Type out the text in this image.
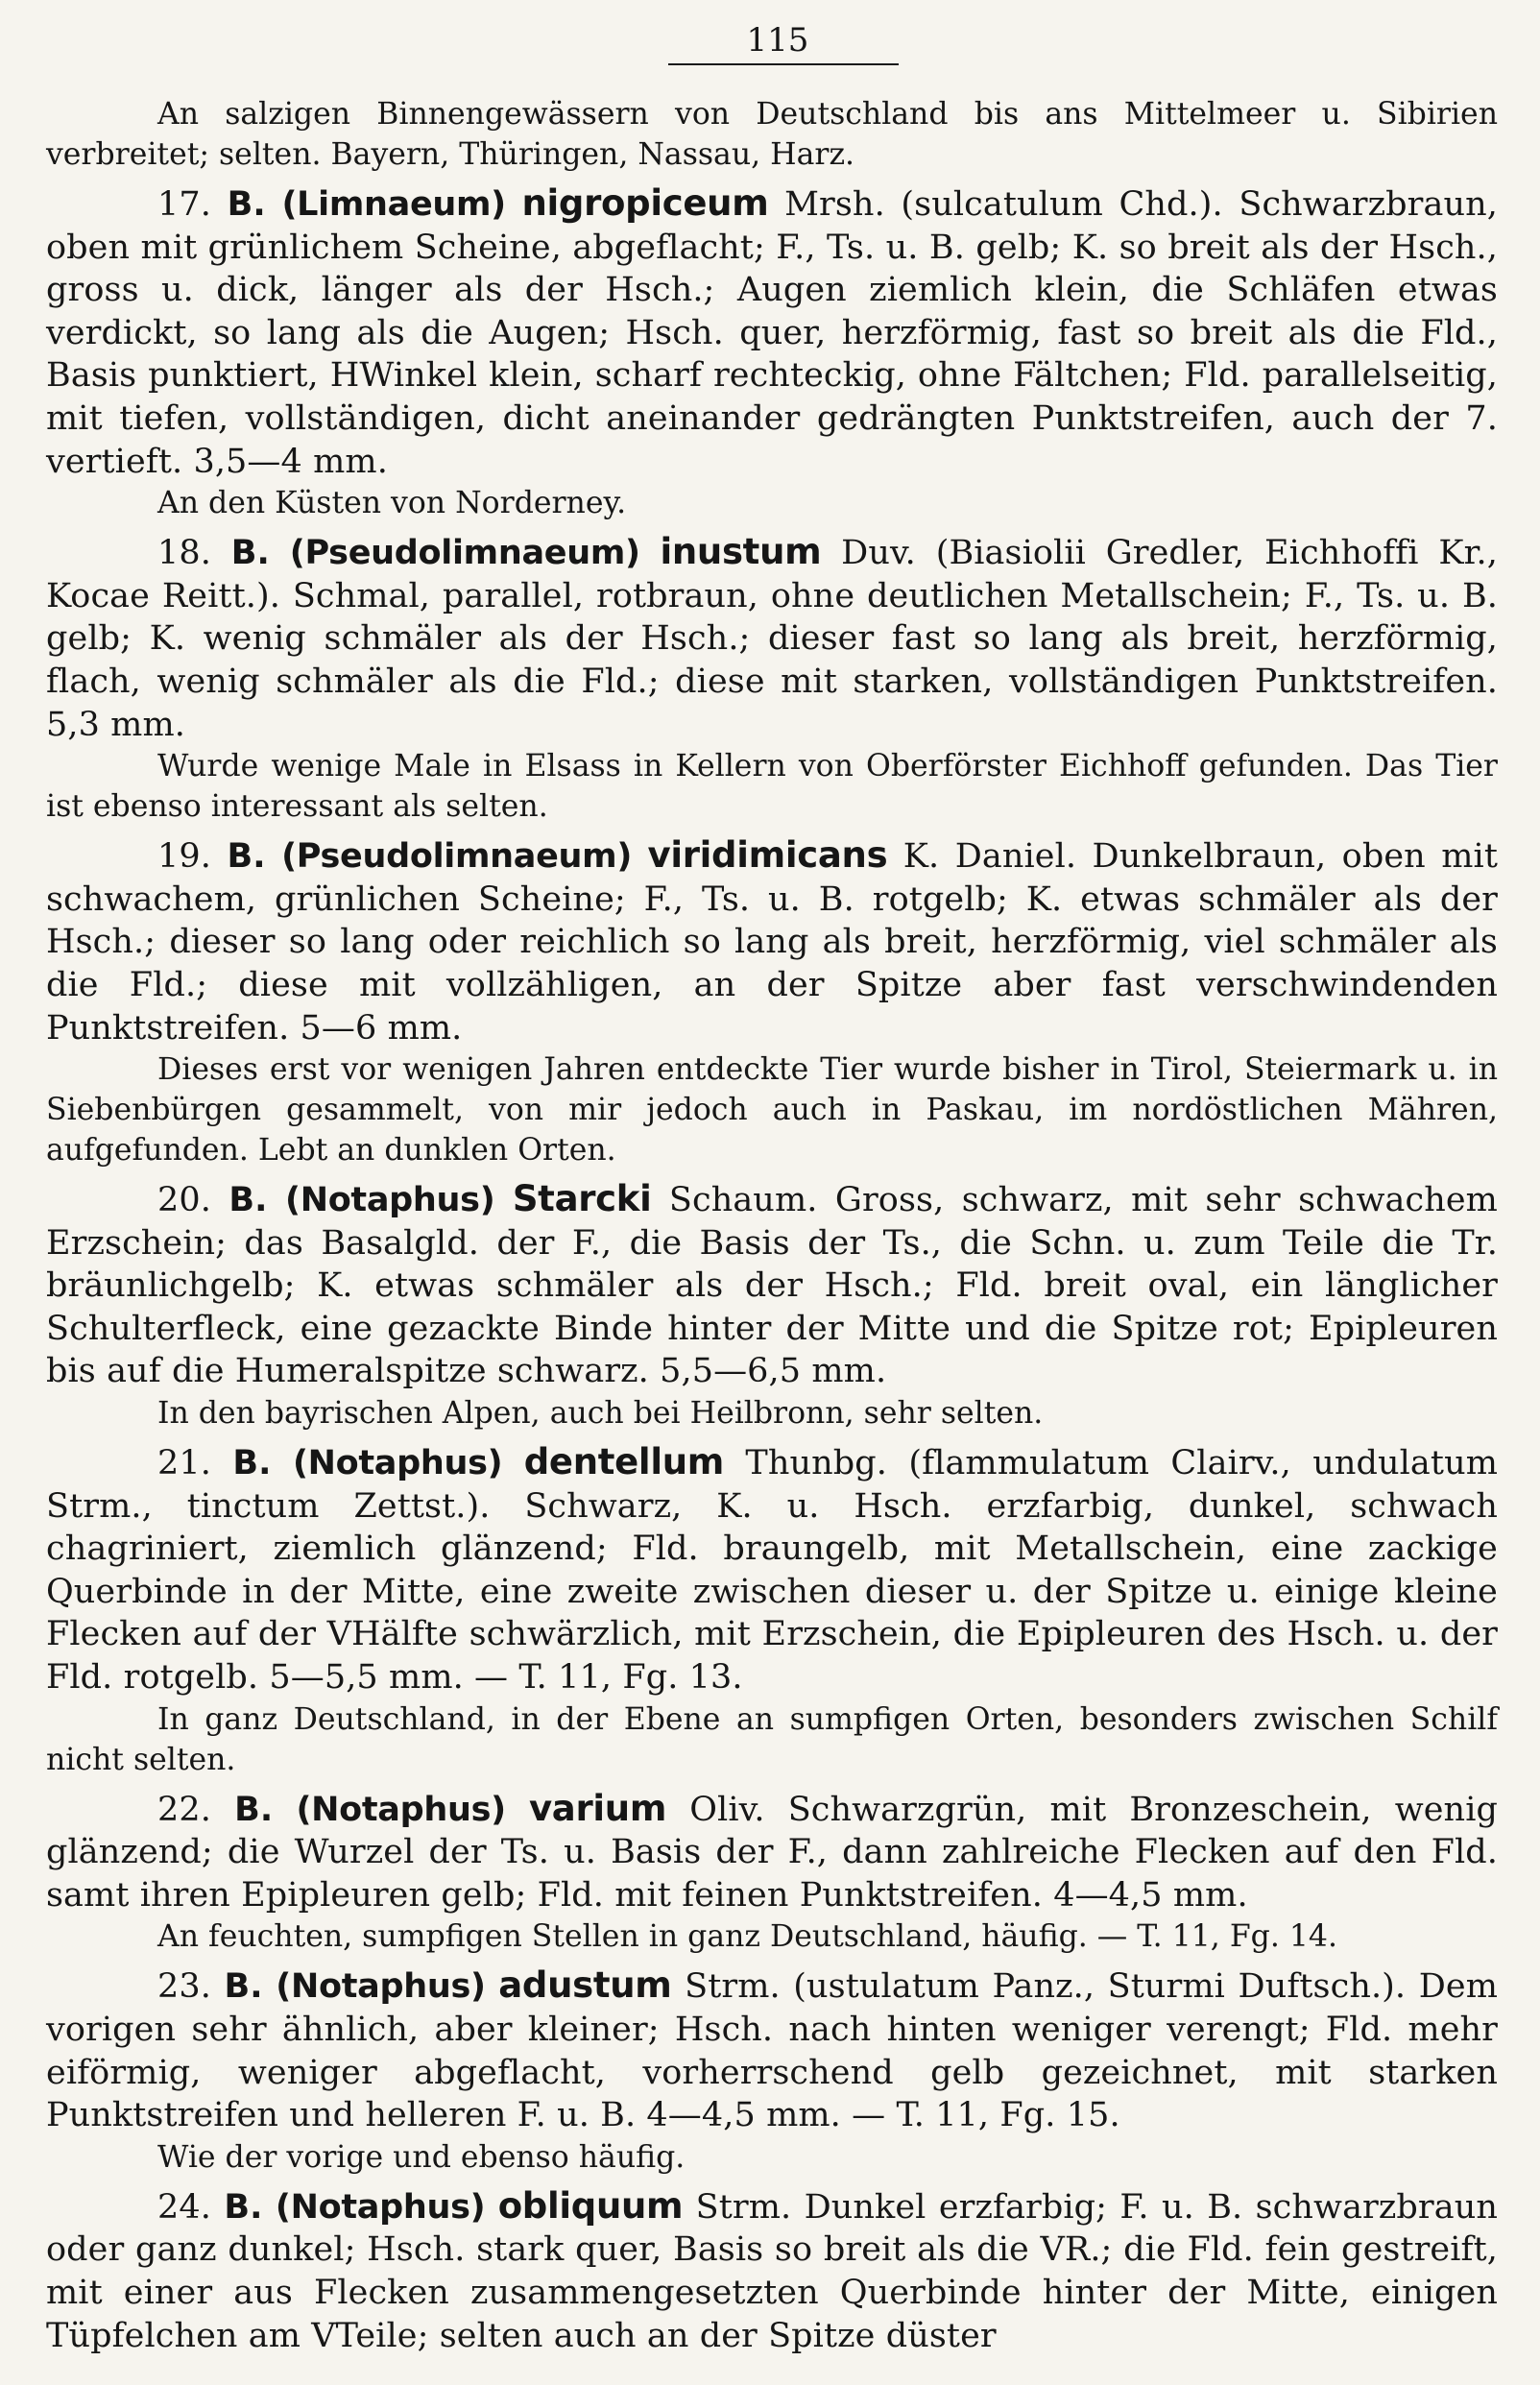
115

An salzigen Binnengewässern von Deutschland bis ans Mittelmeer u. Sibirien verbreitet; selten. Bayern, Thüringen, Nassau, Harz.

17. B. (Limnaeum) nigropiceum Mrsh. (sulcatulum Chd.). Schwarzbraun, oben mit grünlichem Scheine, abgeflacht; F., Ts. u. B. gelb; K. so breit als der Hsch., gross u. dick, länger als der Hsch.; Augen ziemlich klein, die Schläfen etwas verdickt, so lang als die Augen; Hsch. quer, herzförmig, fast so breit als die Fld., Basis punktiert, HWinkel klein, scharf rechteckig, ohne Fältchen; Fld. parallelseitig, mit tiefen, vollständigen, dicht aneinander gedrängten Punktstreifen, auch der 7. vertieft. 3,5—4 mm.

An den Küsten von Norderney.

18. B. (Pseudolimnaeum) inustum Duv. (Biasiolii Gredler, Eichhoffi Kr., Kocae Reitt.). Schmal, parallel, rotbraun, ohne deutlichen Metallschein; F., Ts. u. B. gelb; K. wenig schmäler als der Hsch.; dieser fast so lang als breit, herzförmig, flach, wenig schmäler als die Fld.; diese mit starken, vollständigen Punktstreifen. 5,3 mm.

Wurde wenige Male in Elsass in Kellern von Oberförster Eichhoff gefunden. Das Tier ist ebenso interessant als selten.

19. B. (Pseudolimnaeum) viridimicans K. Daniel. Dunkelbraun, oben mit schwachem, grünlichen Scheine; F., Ts. u. B. rotgelb; K. etwas schmäler als der Hsch.; dieser so lang oder reichlich so lang als breit, herzförmig, viel schmäler als die Fld.; diese mit vollzähligen, an der Spitze aber fast verschwindenden Punktstreifen. 5—6 mm.

Dieses erst vor wenigen Jahren entdeckte Tier wurde bisher in Tirol, Steiermark u. in Siebenbürgen gesammelt, von mir jedoch auch in Paskau, im nordöstlichen Mähren, aufgefunden. Lebt an dunklen Orten.

20. B. (Notaphus) Starcki Schaum. Gross, schwarz, mit sehr schwachem Erzschein; das Basalgld. der F., die Basis der Ts., die Schn. u. zum Teile die Tr. bräunlichgelb; K. etwas schmäler als der Hsch.; Fld. breit oval, ein länglicher Schulterfleck, eine gezackte Binde hinter der Mitte und die Spitze rot; Epipleuren bis auf die Humeralspitze schwarz. 5,5—6,5 mm.

In den bayrischen Alpen, auch bei Heilbronn, sehr selten.

21. B. (Notaphus) dentellum Thunbg. (flammulatum Clairv., undulatum Strm., tinctum Zettst.). Schwarz, K. u. Hsch. erzfarbig, dunkel, schwach chagriniert, ziemlich glänzend; Fld. braungelb, mit Metallschein, eine zackige Querbinde in der Mitte, eine zweite zwischen dieser u. der Spitze u. einige kleine Flecken auf der VHälfte schwärzlich, mit Erzschein, die Epipleuren des Hsch. u. der Fld. rotgelb. 5—5,5 mm. — T. 11, Fg. 13.

In ganz Deutschland, in der Ebene an sumpfigen Orten, besonders zwischen Schilf nicht selten.

22. B. (Notaphus) varium Oliv. Schwarzgrün, mit Bronzeschein, wenig glänzend; die Wurzel der Ts. u. Basis der F., dann zahlreiche Flecken auf den Fld. samt ihren Epipleuren gelb; Fld. mit feinen Punktstreifen. 4—4,5 mm.

An feuchten, sumpfigen Stellen in ganz Deutschland, häufig. — T. 11, Fg. 14.

23. B. (Notaphus) adustum Strm. (ustulatum Panz., Sturmi Duftsch.). Dem vorigen sehr ähnlich, aber kleiner; Hsch. nach hinten weniger verengt; Fld. mehr eiförmig, weniger abgeflacht, vorherrschend gelb gezeichnet, mit starken Punktstreifen und helleren F. u. B. 4—4,5 mm. — T. 11, Fg. 15.

Wie der vorige und ebenso häufig.

24. B. (Notaphus) obliquum Strm. Dunkel erzfarbig; F. u. B. schwarzbraun oder ganz dunkel; Hsch. stark quer, Basis so breit als die VR.; die Fld. fein gestreift, mit einer aus Flecken zusammengesetzten Querbinde hinter der Mitte, einigen Tüpfelchen am VTeile; selten auch an der Spitze düster
